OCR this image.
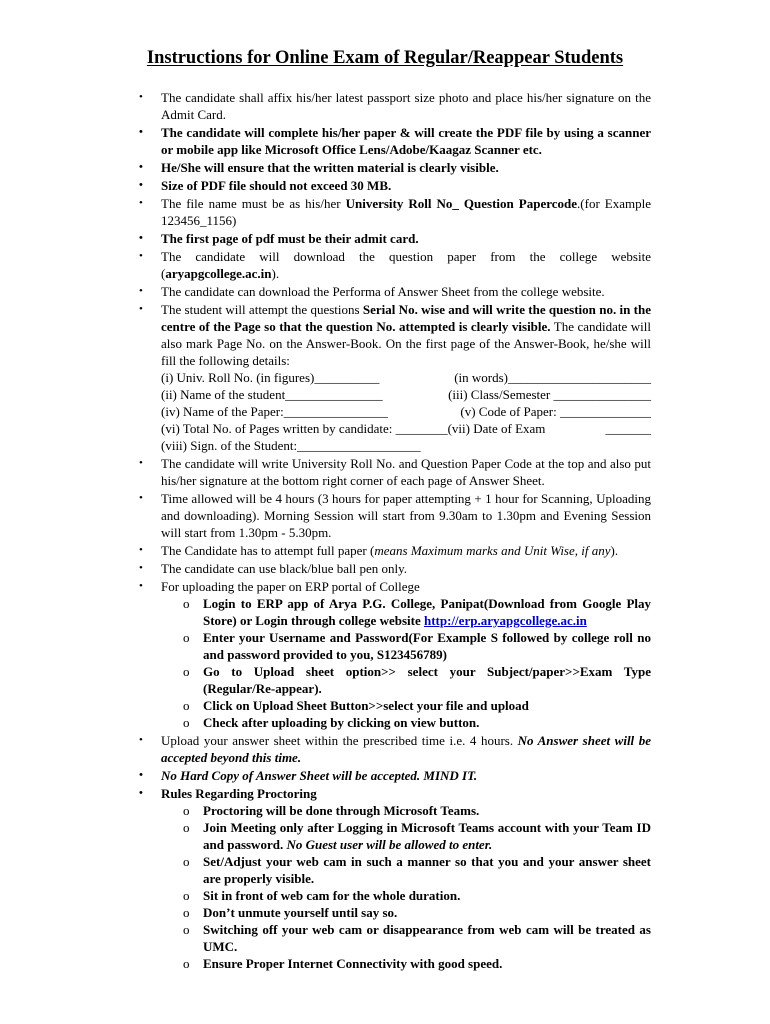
Instructions for Online Exam of Regular/Reappear Students
• The candidate shall affix his/her latest passport size photo and place his/her signature on the Admit Card.
• The candidate will complete his/her paper & will create the PDF file by using a scanner or mobile app like Microsoft Office Lens/Adobe/Kaagaz Scanner etc.
• He/She will ensure that the written material is clearly visible.
• Size of PDF file should not exceed 30 MB.
• The file name must be as his/her University Roll No_ Question Papercode.(for Example 123456_1156)
• The first page of pdf must be their admit card.
• The candidate will download the question paper from the college website (aryapgcollege.ac.in).
• The candidate can download the Performa of Answer Sheet from the college website.
• The student will attempt the questions Serial No. wise and will write the question no. in the centre of the Page so that the question No. attempted is clearly visible. The candidate will also mark Page No. on the Answer-Book. On the first page of the Answer-Book, he/she will fill the following details:
(i) Univ. Roll No. (in figures)__________	(in words)______________________
(ii) Name of the student_______________	(iii) Class/Semester _______________
(iv) Name of the Paper:________________	(v) Code of Paper: ______________
(vi) Total No. of Pages written by candidate: ________(vii) Date of Exam	_______
(viii) Sign. of the Student:___________________
• The candidate will write University Roll No. and Question Paper Code at the top and also put his/her signature at the bottom right corner of each page of Answer Sheet.
• Time allowed will be 4 hours (3 hours for paper attempting + 1 hour for Scanning, Uploading and downloading). Morning Session will start from 9.30am to 1.30pm and Evening Session will start from 1.30pm - 5.30pm.
• The Candidate has to attempt full paper (means Maximum marks and Unit Wise, if any).
• The candidate can use black/blue ball pen only.
• For uploading the paper on ERP portal of College
o Login to ERP app of Arya P.G. College, Panipat(Download from Google Play Store) or Login through college website http://erp.aryapgcollege.ac.in
o Enter your Username and Password(For Example S followed by college roll no and password provided to you, S123456789)
o Go to Upload sheet option>> select your Subject/paper>>Exam Type (Regular/Re-appear).
o Click on Upload Sheet Button>>select your file and upload
o Check after uploading by clicking on view button.
• Upload your answer sheet within the prescribed time i.e. 4 hours. No Answer sheet will be accepted beyond this time.
• No Hard Copy of Answer Sheet will be accepted. MIND IT.
• Rules Regarding Proctoring
o Proctoring will be done through Microsoft Teams.
o Join Meeting only after Logging in Microsoft Teams account with your Team ID and password. No Guest user will be allowed to enter.
o Set/Adjust your web cam in such a manner so that you and your answer sheet are properly visible.
o Sit in front of web cam for the whole duration.
o Don’t unmute yourself until say so.
o Switching off your web cam or disappearance from web cam will be treated as UMC.
o Ensure Proper Internet Connectivity with good speed.
